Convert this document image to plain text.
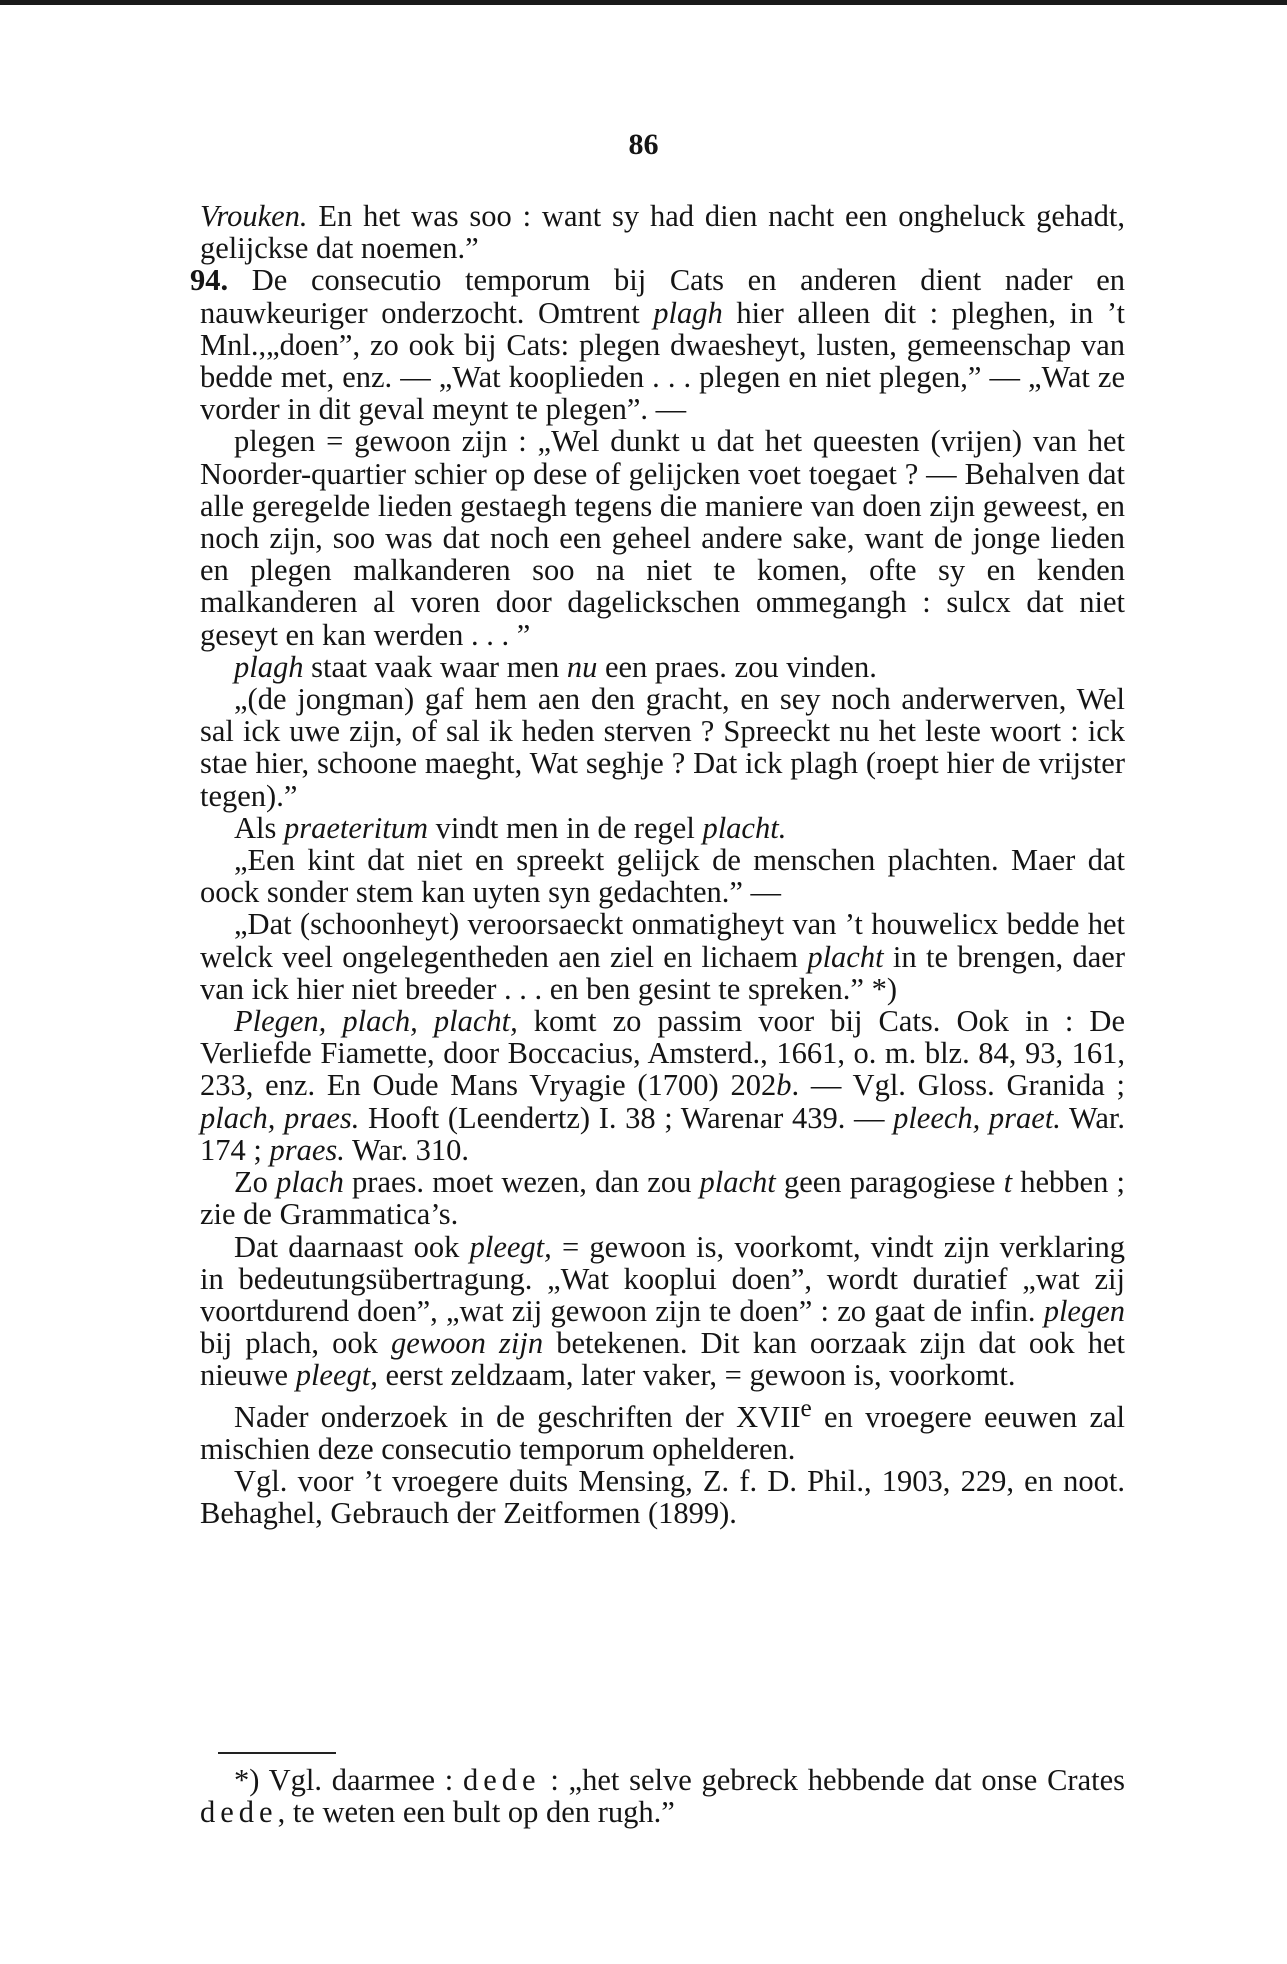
86

Vrouken. En het was soo : want sy had dien nacht een ongheluck gehadt, gelijckse dat noemen.”

94. De consecutio temporum bij Cats en anderen dient nader en nauwkeuriger onderzocht. Omtrent plagh hier alleen dit : pleghen, in ’t Mnl.,„doen”, zo ook bij Cats: plegen dwaesheyt, lusten, gemeenschap van bedde met, enz. — „Wat kooplieden . . . plegen en niet plegen,” — „Wat ze vorder in dit geval meynt te plegen”. —

plegen = gewoon zijn : „Wel dunkt u dat het queesten (vrijen) van het Noorder-quartier schier op dese of gelijcken voet toegaet ? — Behalven dat alle geregelde lieden gestaegh tegens die maniere van doen zijn geweest, en noch zijn, soo was dat noch een geheel andere sake, want de jonge lieden en plegen malkanderen soo na niet te komen, ofte sy en kenden malkanderen al voren door dagelickschen ommegangh : sulcx dat niet geseyt en kan werden . . . ”

plagh staat vaak waar men nu een praes. zou vinden.

„(de jongman) gaf hem aen den gracht, en sey noch anderwerven, Wel sal ick uwe zijn, of sal ik heden sterven ? Spreeckt nu het leste woort : ick stae hier, schoone maeght, Wat seghje ? Dat ick plagh (roept hier de vrijster tegen).”

Als praeteritum vindt men in de regel placht.

„Een kint dat niet en spreekt gelijck de menschen plachten. Maer dat oock sonder stem kan uyten syn gedachten.” —

„Dat (schoonheyt) veroorsaeckt onmatigheyt van ’t houwelicx bedde het welck veel ongelegentheden aen ziel en lichaem placht in te brengen, daer van ick hier niet breeder . . . en ben gesint te spreken.” *)

Plegen, plach, placht, komt zo passim voor bij Cats. Ook in : De Verliefde Fiamette, door Boccacius, Amsterd., 1661, o. m. blz. 84, 93, 161, 233, enz. En Oude Mans Vryagie (1700) 202b. — Vgl. Gloss. Granida ; plach, praes. Hooft (Leendertz) I. 38 ; Warenar 439. — pleech, praet. War. 174 ; praes. War. 310.

Zo plach praes. moet wezen, dan zou placht geen paragogiese t hebben ; zie de Grammatica’s.

Dat daarnaast ook pleegt, = gewoon is, voorkomt, vindt zijn verklaring in bedeutungsübertragung. „Wat kooplui doen”, wordt duratief „wat zij voortdurend doen”, „wat zij gewoon zijn te doen” : zo gaat de infin. plegen bij plach, ook gewoon zijn betekenen. Dit kan oorzaak zijn dat ook het nieuwe pleegt, eerst zeldzaam, later vaker, = gewoon is, voorkomt.

Nader onderzoek in de geschriften der XVIIe en vroegere eeuwen zal mischien deze consecutio temporum ophelderen.

Vgl. voor ’t vroegere duits Mensing, Z. f. D. Phil., 1903, 229, en noot. Behaghel, Gebrauch der Zeitformen (1899).

*) Vgl. daarmee : dede : „het selve gebreck hebbende dat onse Crates dede, te weten een bult op den rugh.”
